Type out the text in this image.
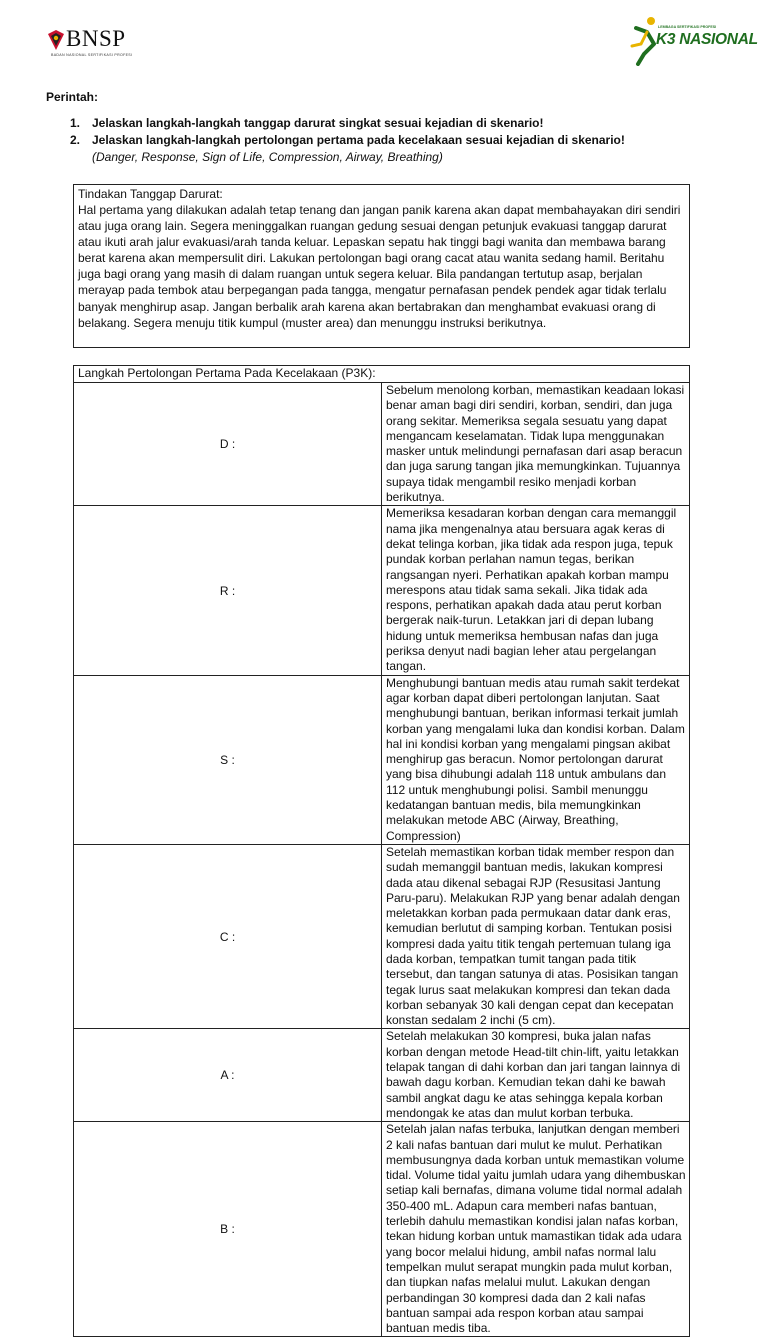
BNSP
BADAN NASIONAL SERTIFIKASI PROFESI
LEMBAGA SERTIFIKASI PROFESI
K3 NASIONAL
Perintah:
1. Jelaskan langkah-langkah tanggap darurat singkat sesuai kejadian di skenario!
2. Jelaskan langkah-langkah pertolongan pertama pada kecelakaan sesuai kejadian di skenario!
(Danger, Response, Sign of Life, Compression, Airway, Breathing)
Tindakan Tanggap Darurat:

Hal pertama yang dilakukan adalah tetap tenang dan jangan panik karena akan dapat membahayakan diri sendiri atau juga orang lain. Segera meninggalkan ruangan gedung sesuai dengan petunjuk evakuasi tanggap darurat atau ikuti arah jalur evakuasi/arah tanda keluar. Lepaskan sepatu hak tinggi bagi wanita dan membawa barang berat karena akan mempersulit diri. Lakukan pertolongan bagi orang cacat atau wanita sedang hamil. Beritahu juga bagi orang yang masih di dalam ruangan untuk segera keluar. Bila pandangan tertutup asap, berjalan merayap pada tembok atau berpegangan pada tangga, mengatur pernafasan pendek pendek agar tidak terlalu banyak menghirup asap. Jangan berbalik arah karena akan bertabrakan dan menghambat evakuasi orang di belakang. Segera menuju titik kumpul (muster area) dan menunggu instruksi berikutnya.

Langkah Pertolongan Pertama Pada Kecelakaan (P3K):	
D :	Sebelum menolong korban, memastikan keadaan lokasi benar aman bagi diri sendiri, korban, sendiri, dan juga orang sekitar. Memeriksa segala sesuatu yang dapat mengancam keselamatan. Tidak lupa menggunakan masker untuk melindungi pernafasan dari asap beracun dan juga sarung tangan jika memungkinkan. Tujuannya supaya tidak mengambil resiko menjadi korban berikutnya.
R :	Memeriksa kesadaran korban dengan cara memanggil nama jika mengenalnya atau bersuara agak keras di dekat telinga korban, jika tidak ada respon juga, tepuk pundak korban perlahan namun tegas, berikan rangsangan nyeri. Perhatikan apakah korban mampu merespons atau tidak sama sekali. Jika tidak ada respons, perhatikan apakah dada atau perut korban bergerak naik-turun. Letakkan jari di depan lubang hidung untuk memeriksa hembusan nafas dan juga periksa denyut nadi bagian leher atau pergelangan tangan.
S :	Menghubungi bantuan medis atau rumah sakit terdekat agar korban dapat diberi pertolongan lanjutan. Saat menghubungi bantuan, berikan informasi terkait jumlah korban yang mengalami luka dan kondisi korban. Dalam hal ini kondisi korban yang mengalami pingsan akibat menghirup gas beracun. Nomor pertolongan darurat yang bisa dihubungi adalah 118 untuk ambulans dan 112 untuk menghubungi polisi. Sambil menunggu kedatangan bantuan medis, bila memungkinkan melakukan metode ABC (Airway, Breathing, Compression)
C :	Setelah memastikan korban tidak member respon dan sudah memanggil bantuan medis, lakukan kompresi dada atau dikenal sebagai RJP (Resusitasi Jantung Paru-paru). Melakukan RJP yang benar adalah dengan meletakkan korban pada permukaan datar dank eras, kemudian berlutut di samping korban. Tentukan posisi kompresi dada yaitu titik tengah pertemuan tulang iga dada korban, tempatkan tumit tangan pada titik tersebut, dan tangan satunya di atas. Posisikan tangan tegak lurus saat melakukan kompresi dan tekan dada korban sebanyak 30 kali dengan cepat dan kecepatan konstan sedalam 2 inchi (5 cm).
A :	Setelah melakukan 30 kompresi, buka jalan nafas korban dengan metode Head-tilt chin-lift, yaitu letakkan telapak tangan di dahi korban dan jari tangan lainnya di bawah dagu korban. Kemudian tekan dahi ke bawah sambil angkat dagu ke atas sehingga kepala korban mendongak ke atas dan mulut korban terbuka.
B :	Setelah jalan nafas terbuka, lanjutkan dengan memberi 2 kali nafas bantuan dari mulut ke mulut. Perhatikan membusungnya dada korban untuk memastikan volume tidal. Volume tidal yaitu jumlah udara yang dihembuskan setiap kali bernafas, dimana volume tidal normal adalah 350-400 mL. Adapun cara memberi nafas bantuan, terlebih dahulu memastikan kondisi jalan nafas korban, tekan hidung korban untuk mamastikan tidak ada udara yang bocor melalui hidung, ambil nafas normal lalu tempelkan mulut serapat mungkin pada mulut korban, dan tiupkan nafas melalui mulut. Lakukan dengan perbandingan 30 kompresi dada dan 2 kali nafas bantuan sampai ada respon korban atau sampai bantuan medis tiba.
